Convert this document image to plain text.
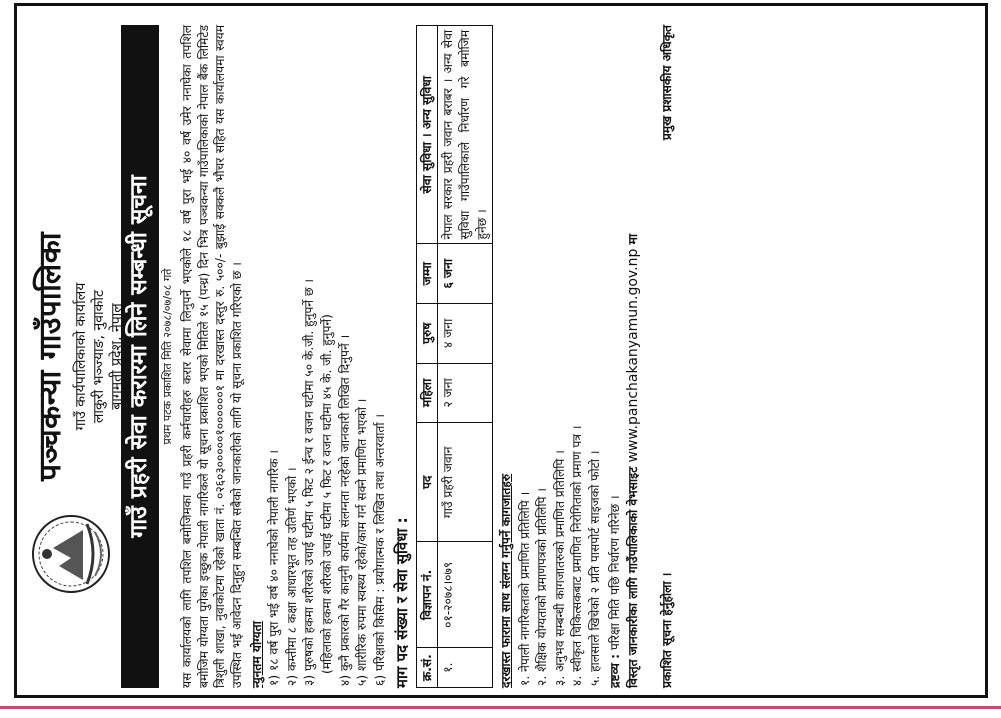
पञ्चकन्या गाउँपालिका गाउँ कार्यपालिकाको कार्यालय लाकुरी भञ्ज्याङ, नुवाकोट बागमती प्रदेश, नेपाल गाउँ प्रहरी सेवा करारमा लिने सम्बन्धी सूचना प्रथम पटक प्रकाशित मिति २०७८/०७/०८ गते यस कार्यालयको लागि तपशिल बमोजिमका गाउँ प्रहरी कर्मचारीहरु करार सेवामा लिनुपर्ने भएकोले १८ वर्ष पुरा भई ४० वर्ष उमेर ननाघेका तपशिल बमोजिम योग्यता पुगेका इच्छुक नेपाली नागरिकले यो सूचना प्रकाशित भएको मितिले १५ (पन्ध्र) दिन भित्र पञ्चकन्या गाउँपालिकाको नेपाल बैंक लिमिटेड त्रिशुली शाखा, नुवाकोटमा रहेको खाता नं. ०२६०३०००००१००००००१ मा दरखास्त दस्तुर रु. ५००/- बुझाई सक्कलै भौचर सहित यस कार्यालयमा स्वयम उपस्थित भई आवेदन दिनुहुन सम्बन्धित सबैको जानकारीको लागि यो सूचना प्रकाशित गरिएको छ । न्युनतम योग्यता १) १८ वर्ष पुरा भई वर्ष ४० ननाघेको नेपाली नागरिक । २) कम्तीमा ८ कक्षा आधारभूत तह उतिर्ण भएको । ३) पुरुषको हकमा शरीरको उचाई घटीमा ५ फिट २ ईन्च र वजन घटीमा ५० के.जी. हुनुपर्ने छ । (महिलाको हकमा शरीरको उचाई घटीमा ५ फिट र वजन घटीमा ४५ के. जी. हुनुपर्ने) ४) कुनै प्रकारको गैर कानुनी कार्यमा संलग्नता नरहेको जानकारी लिखित दिनुपर्ने । ५) शारीरिक रुपमा स्वस्थ्य रहेको/काम गर्न सक्ने प्रमाणित भएको । ६) परिक्षाको किसिम : प्रयोगात्मक र लिखित तथा अन्तरवार्ता । माग पद संख्या र सेवा सुविधा : क्र.सं.	विज्ञापन नं.	पद	महिला	पुरुष	जम्मा	सेवा सुविधा । अन्य सुविधा
१.	०१-२०७८।०७९	गाउँ प्रहरी जवान	२ जना	४ जना	६ जना	नेपाल सरकार प्रहरी जवान बराबर । अन्य सेवा सुविधा गाउँपालिकाले निर्धारण गरे बमोजिम हुनेछ ।
दरखास्त फारामा साथ संलग्न गर्नुपर्ने कागजातहरु १. नेपाली नागरिकताको प्रमाणित प्रतिलिपि । २. शैक्षिक योग्यताको प्रमाणपत्रको प्रतिलिपि । ३. अनुभव सम्बन्धी कागजातरुको प्रमाणित प्रतिलिपि । ४. स्वीकृत चिकित्सकबाट प्रमाणित निरोगिताको प्रमाण पत्र । ५. हालसाले खिचेको २ प्रति पासपोर्ट साइजको फोटो । द्रष्टव्य : परिक्षा मिति पछि निर्धारण गरिनेछ । विस्तृत जानकारीका लागि गाउँपालिकाको वेभसाइट www.panchakanyamun.gov.np मा
प्रकाशित सूचना हेर्नुहोला ।
प्रमुख प्रशासकीय अधिकृत
